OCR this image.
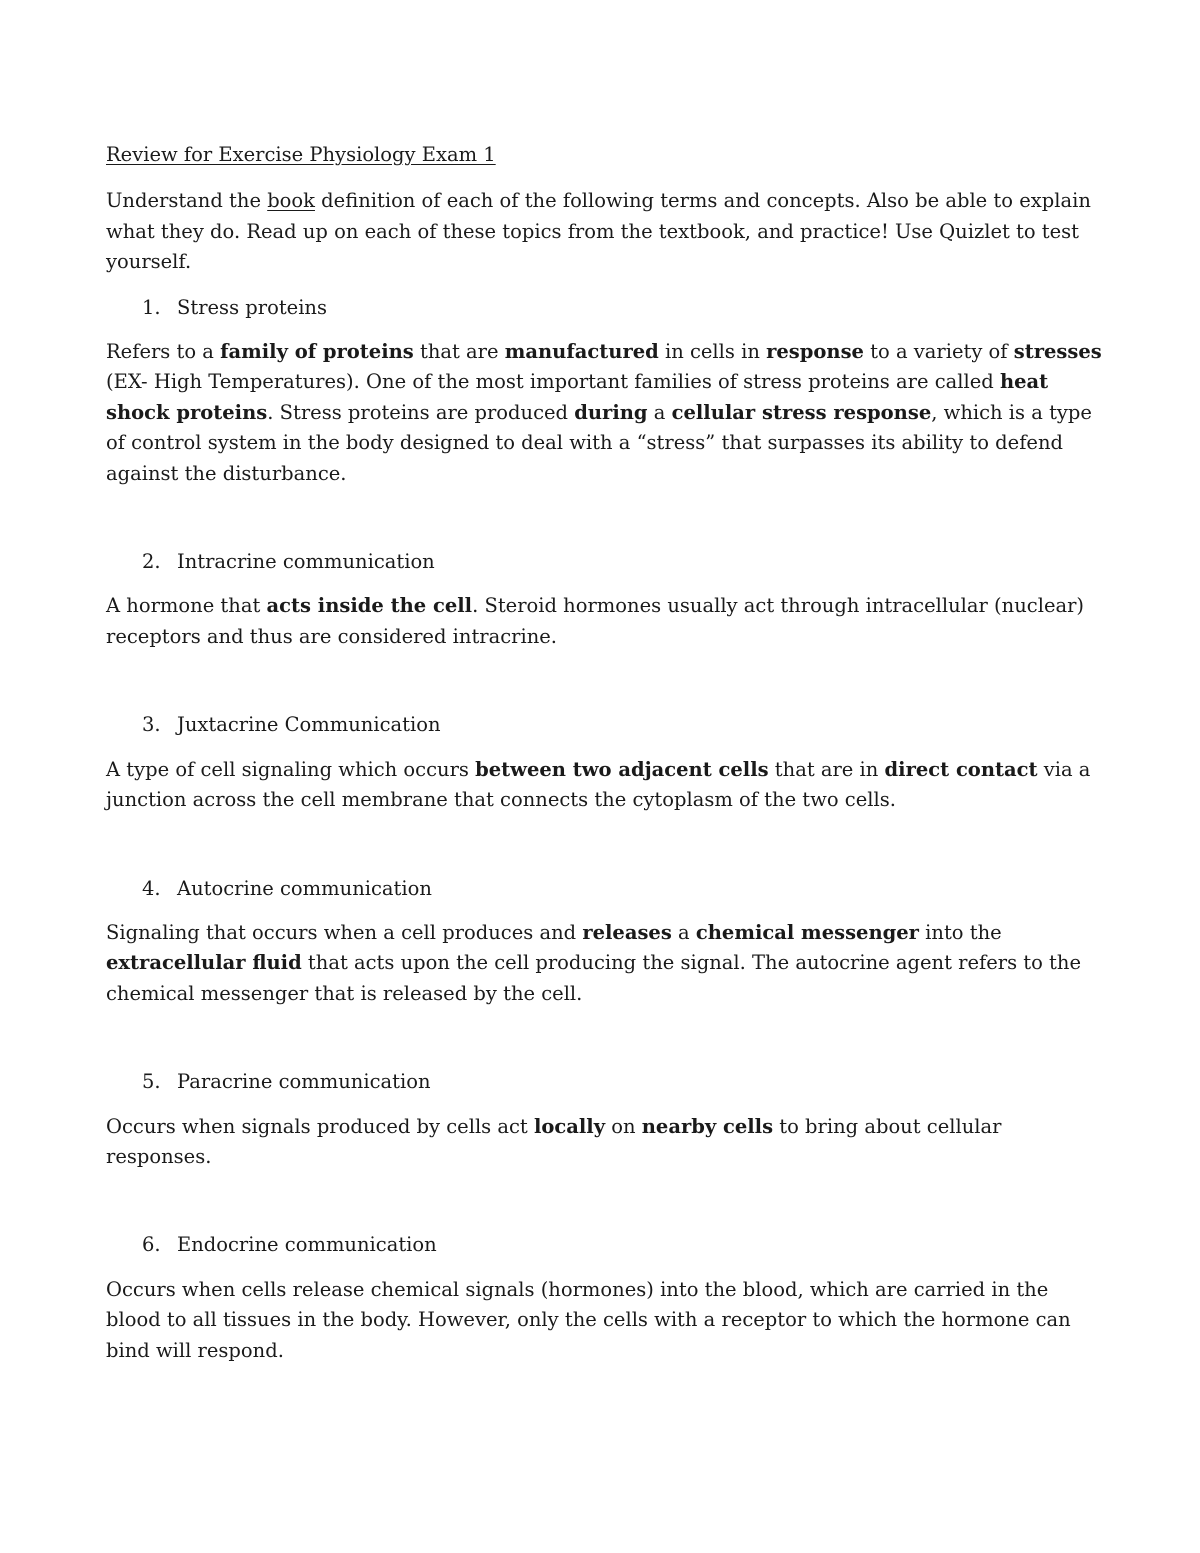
Review for Exercise Physiology Exam 1

Understand the book definition of each of the following terms and concepts. Also be able to explain what they do. Read up on each of these topics from the textbook, and practice! Use Quizlet to test yourself.

1. Stress proteins

Refers to a family of proteins that are manufactured in cells in response to a variety of stresses (EX- High Temperatures). One of the most important families of stress proteins are called heat shock proteins. Stress proteins are produced during a cellular stress response, which is a type of control system in the body designed to deal with a “stress” that surpasses its ability to defend against the disturbance.

2. Intracrine communication

A hormone that acts inside the cell. Steroid hormones usually act through intracellular (nuclear) receptors and thus are considered intracrine.

3. Juxtacrine Communication

A type of cell signaling which occurs between two adjacent cells that are in direct contact via a junction across the cell membrane that connects the cytoplasm of the two cells.

4. Autocrine communication

Signaling that occurs when a cell produces and releases a chemical messenger into the extracellular fluid that acts upon the cell producing the signal. The autocrine agent refers to the chemical messenger that is released by the cell.

5. Paracrine communication

Occurs when signals produced by cells act locally on nearby cells to bring about cellular responses.

6. Endocrine communication

Occurs when cells release chemical signals (hormones) into the blood, which are carried in the blood to all tissues in the body. However, only the cells with a receptor to which the hormone can bind will respond.
